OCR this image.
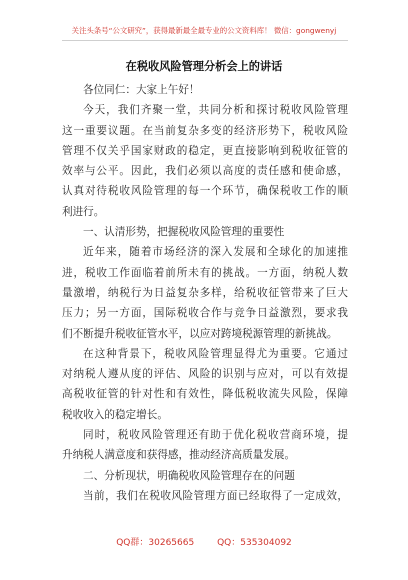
关注头条号“公文研究”，获得最新最全最专业的公文资料库！ 微信：gongwenyj
在税收风险管理分析会上的讲话
各位同仁：大家上午好！
今天，我们齐聚一堂，共同分析和探讨税收风险管理
这一重要议题。在当前复杂多变的经济形势下，税收风险
管理不仅关乎国家财政的稳定，更直接影响到税收征管的
效率与公平。因此，我们必须以高度的责任感和使命感，
认真对待税收风险管理的每一个环节，确保税收工作的顺
利进行。
一、认清形势，把握税收风险管理的重要性
近年来，随着市场经济的深入发展和全球化的加速推
进，税收工作面临着前所未有的挑战。一方面，纳税人数
量激增，纳税行为日益复杂多样，给税收征管带来了巨大
压力；另一方面，国际税收合作与竞争日益激烈，要求我
们不断提升税收征管水平，以应对跨境税源管理的新挑战。
在这种背景下，税收风险管理显得尤为重要。它通过
对纳税人遵从度的评估、风险的识别与应对，可以有效提
高税收征管的针对性和有效性，降低税收流失风险，保障
税收收入的稳定增长。
同时，税收风险管理还有助于优化税收营商环境，提
升纳税人满意度和获得感，推动经济高质量发展。
二、分析现状，明确税收风险管理存在的问题
当前，我们在税收风险管理方面已经取得了一定成效，
QQ群：30265665	QQ：535304092
